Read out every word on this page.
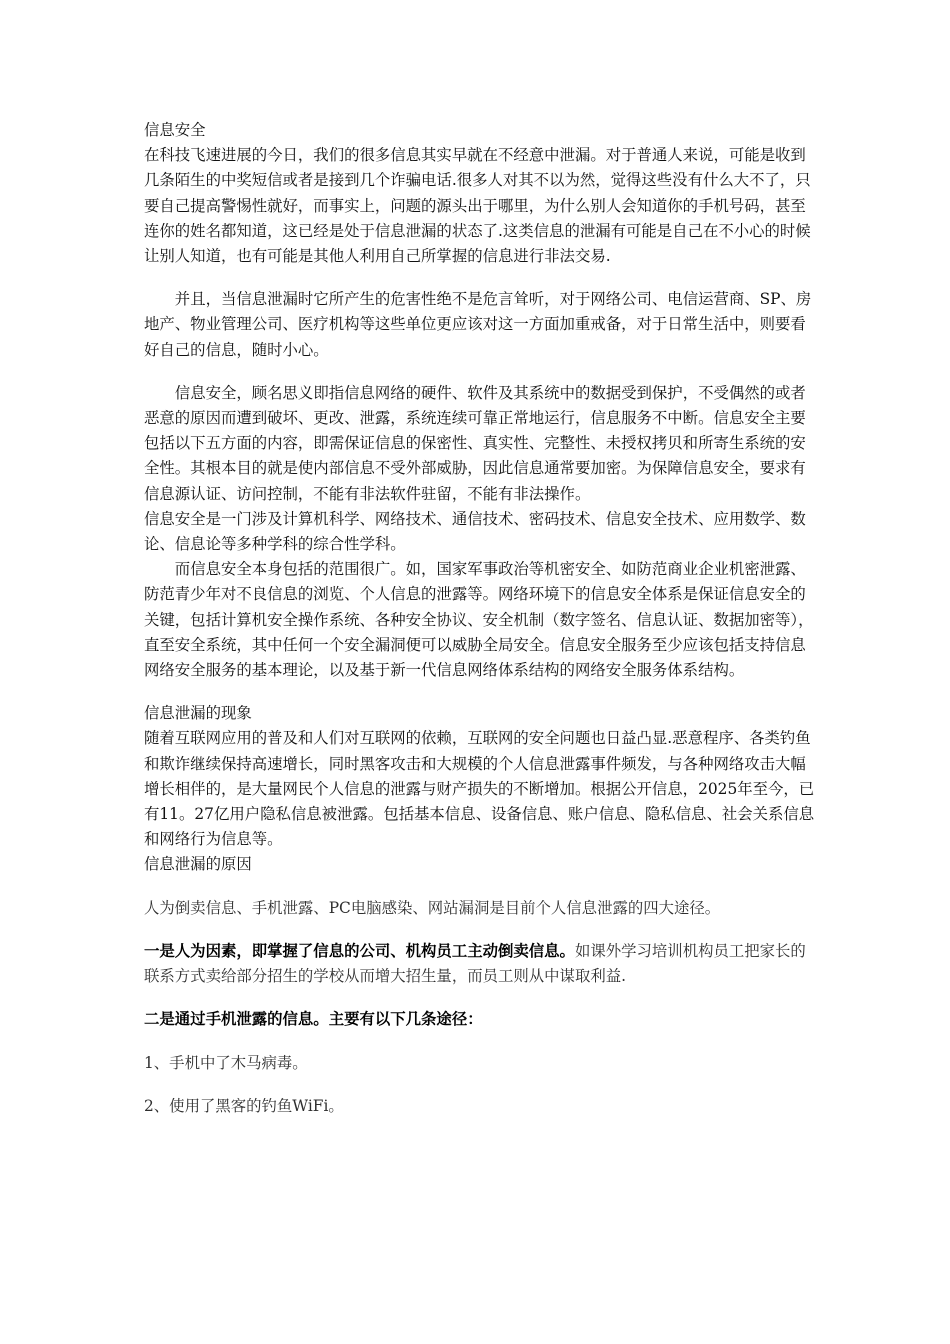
信息安全

在科技飞速进展的今日，我们的很多信息其实早就在不经意中泄漏。对于普通人来说，可能是收到几条陌生的中奖短信或者是接到几个诈骗电话.很多人对其不以为然，觉得这些没有什么大不了，只要自己提高警惕性就好，而事实上，问题的源头出于哪里，为什么别人会知道你的手机号码，甚至连你的姓名都知道，这已经是处于信息泄漏的状态了.这类信息的泄漏有可能是自己在不小心的时候让别人知道，也有可能是其他人利用自己所掌握的信息进行非法交易.

并且，当信息泄漏时它所产生的危害性绝不是危言耸听，对于网络公司、电信运营商、SP、房地产、物业管理公司、医疗机构等这些单位更应该对这一方面加重戒备，对于日常生活中，则要看好自己的信息，随时小心。

信息安全，顾名思义即指信息网络的硬件、软件及其系统中的数据受到保护，不受偶然的或者恶意的原因而遭到破坏、更改、泄露，系统连续可靠正常地运行，信息服务不中断。信息安全主要包括以下五方面的内容，即需保证信息的保密性、真实性、完整性、未授权拷贝和所寄生系统的安全性。其根本目的就是使内部信息不受外部威胁，因此信息通常要加密。为保障信息安全，要求有信息源认证、访问控制，不能有非法软件驻留，不能有非法操作。

信息安全是一门涉及计算机科学、网络技术、通信技术、密码技术、信息安全技术、应用数学、数论、信息论等多种学科的综合性学科。

而信息安全本身包括的范围很广。如，国家军事政治等机密安全、如防范商业企业机密泄露、防范青少年对不良信息的浏览、个人信息的泄露等。网络环境下的信息安全体系是保证信息安全的关键，包括计算机安全操作系统、各种安全协议、安全机制（数字签名、信息认证、数据加密等），直至安全系统，其中任何一个安全漏洞便可以威胁全局安全。信息安全服务至少应该包括支持信息网络安全服务的基本理论，以及基于新一代信息网络体系结构的网络安全服务体系结构。

信息泄漏的现象

随着互联网应用的普及和人们对互联网的依赖，互联网的安全问题也日益凸显.恶意程序、各类钓鱼和欺诈继续保持高速增长，同时黑客攻击和大规模的个人信息泄露事件频发，与各种网络攻击大幅增长相伴的，是大量网民个人信息的泄露与财产损失的不断增加。根据公开信息，2025年至今，已有11。27亿用户隐私信息被泄露。包括基本信息、设备信息、账户信息、隐私信息、社会关系信息和网络行为信息等。

信息泄漏的原因

人为倒卖信息、手机泄露、PC电脑感染、网站漏洞是目前个人信息泄露的四大途径。

一是人为因素，即掌握了信息的公司、机构员工主动倒卖信息。如课外学习培训机构员工把家长的联系方式卖给部分招生的学校从而增大招生量，而员工则从中谋取利益.

二是通过手机泄露的信息。主要有以下几条途径：

1、手机中了木马病毒。

2、使用了黑客的钓鱼WiFi。
